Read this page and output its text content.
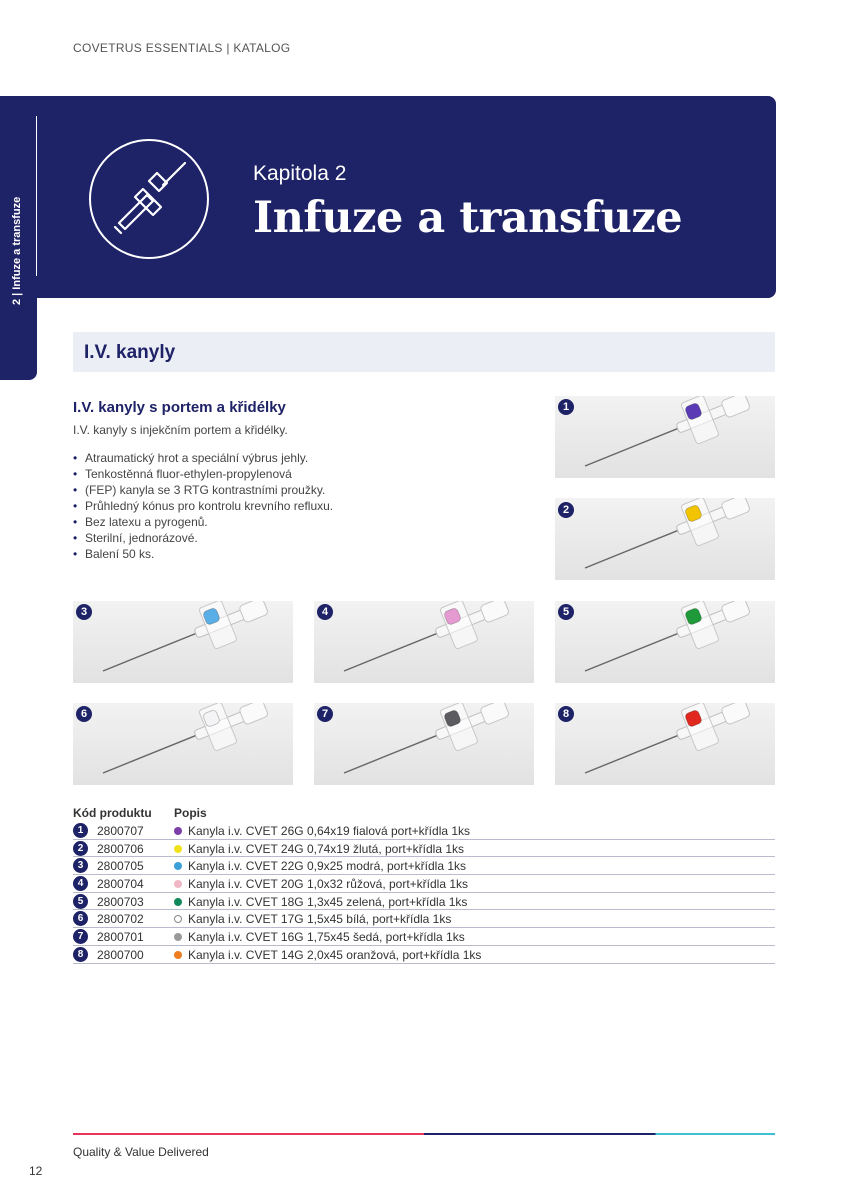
COVETRUS ESSENTIALS | KATALOG
2 | Infuze a transfuze
Kapitola 2
Infuze a transfuze
I.V. kanyly
I.V. kanyly s portem a křidélky
I.V. kanyly s injekčním portem a křidélky.
• Atraumatický hrot a speciální výbrus jehly.
• Tenkostěnná fluor-ethylen-propylenová
• (FEP) kanyla se 3 RTG kontrastními proužky.
• Průhledný kónus pro kontrolu krevního refluxu.
• Bez latexu a pyrogenů.
• Sterilní, jednorázové.
• Balení 50 ks.
1
2
3	4	5
6	7	8
Kód produktu Popis
1	2800707	Kanyla i.v. CVET 26G 0,64x19 fialová port+křídla 1ks
2	2800706	Kanyla i.v. CVET 24G 0,74x19 žlutá, port+křídla 1ks
3	2800705	Kanyla i.v. CVET 22G 0,9x25 modrá, port+křídla 1ks
4	2800704	Kanyla i.v. CVET 20G 1,0x32 růžová, port+křídla 1ks
5	2800703	Kanyla i.v. CVET 18G 1,3x45 zelená, port+křídla 1ks
6	2800702	Kanyla i.v. CVET 17G 1,5x45 bílá, port+křídla 1ks
7	2800701	Kanyla i.v. CVET 16G 1,75x45 šedá, port+křídla 1ks
8	2800700	Kanyla i.v. CVET 14G 2,0x45 oranžová, port+křídla 1ks
Quality & Value Delivered
12
